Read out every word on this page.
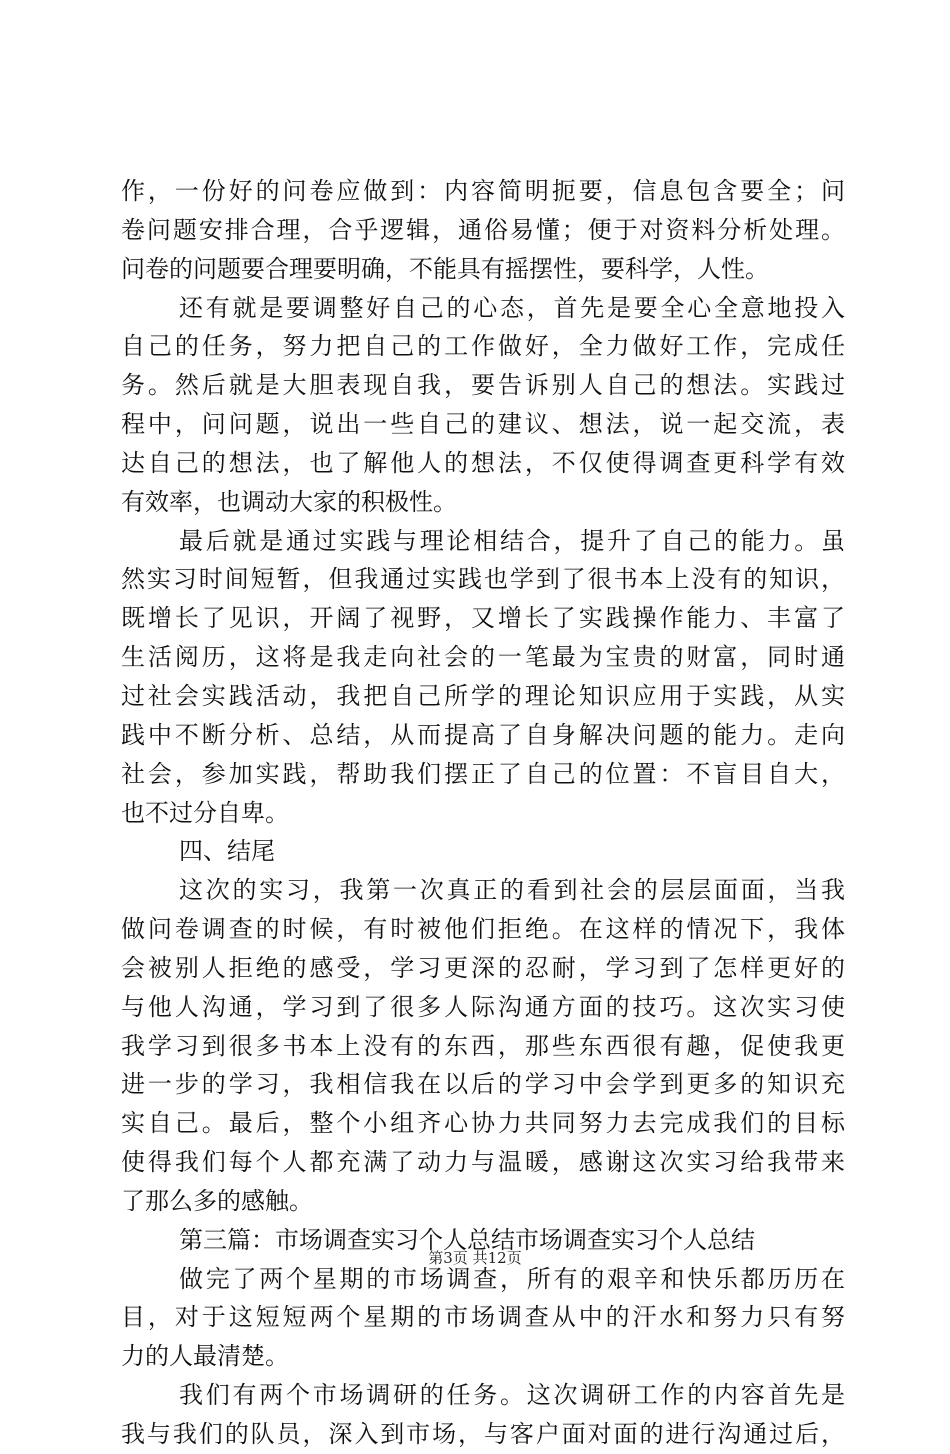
作，一份好的问卷应做到：内容简明扼要，信息包含要全；问
卷问题安排合理，合乎逻辑，通俗易懂；便于对资料分析处理。
问卷的问题要合理要明确，不能具有摇摆性，要科学，人性。
还有就是要调整好自己的心态，首先是要全心全意地投入
自己的任务，努力把自己的工作做好，全力做好工作，完成任
务。然后就是大胆表现自我，要告诉别人自己的想法。实践过
程中，问问题，说出一些自己的建议、想法，说一起交流，表
达自己的想法，也了解他人的想法，不仅使得调查更科学有效
有效率，也调动大家的积极性。
最后就是通过实践与理论相结合，提升了自己的能力。虽
然实习时间短暂，但我通过实践也学到了很书本上没有的知识，
既增长了见识，开阔了视野，又增长了实践操作能力、丰富了
生活阅历，这将是我走向社会的一笔最为宝贵的财富，同时通
过社会实践活动，我把自己所学的理论知识应用于实践，从实
践中不断分析、总结，从而提高了自身解决问题的能力。走向
社会，参加实践，帮助我们摆正了自己的位置：不盲目自大，
也不过分自卑。
四、结尾
这次的实习，我第一次真正的看到社会的层层面面，当我
做问卷调查的时候，有时被他们拒绝。在这样的情况下，我体
会被别人拒绝的感受，学习更深的忍耐，学习到了怎样更好的
与他人沟通，学习到了很多人际沟通方面的技巧。这次实习使
我学习到很多书本上没有的东西，那些东西很有趣，促使我更
进一步的学习，我相信我在以后的学习中会学到更多的知识充
实自己。最后，整个小组齐心协力共同努力去完成我们的目标
使得我们每个人都充满了动力与温暖，感谢这次实习给我带来
了那么多的感触。
第三篇：市场调查实习个人总结市场调查实习个人总结
做完了两个星期的市场调查，所有的艰辛和快乐都历历在
目，对于这短短两个星期的市场调查从中的汗水和努力只有努
力的人最清楚。
我们有两个市场调研的任务。这次调研工作的内容首先是
我与我们的队员，深入到市场，与客户面对面的进行沟通过后，
第3页 共12页
